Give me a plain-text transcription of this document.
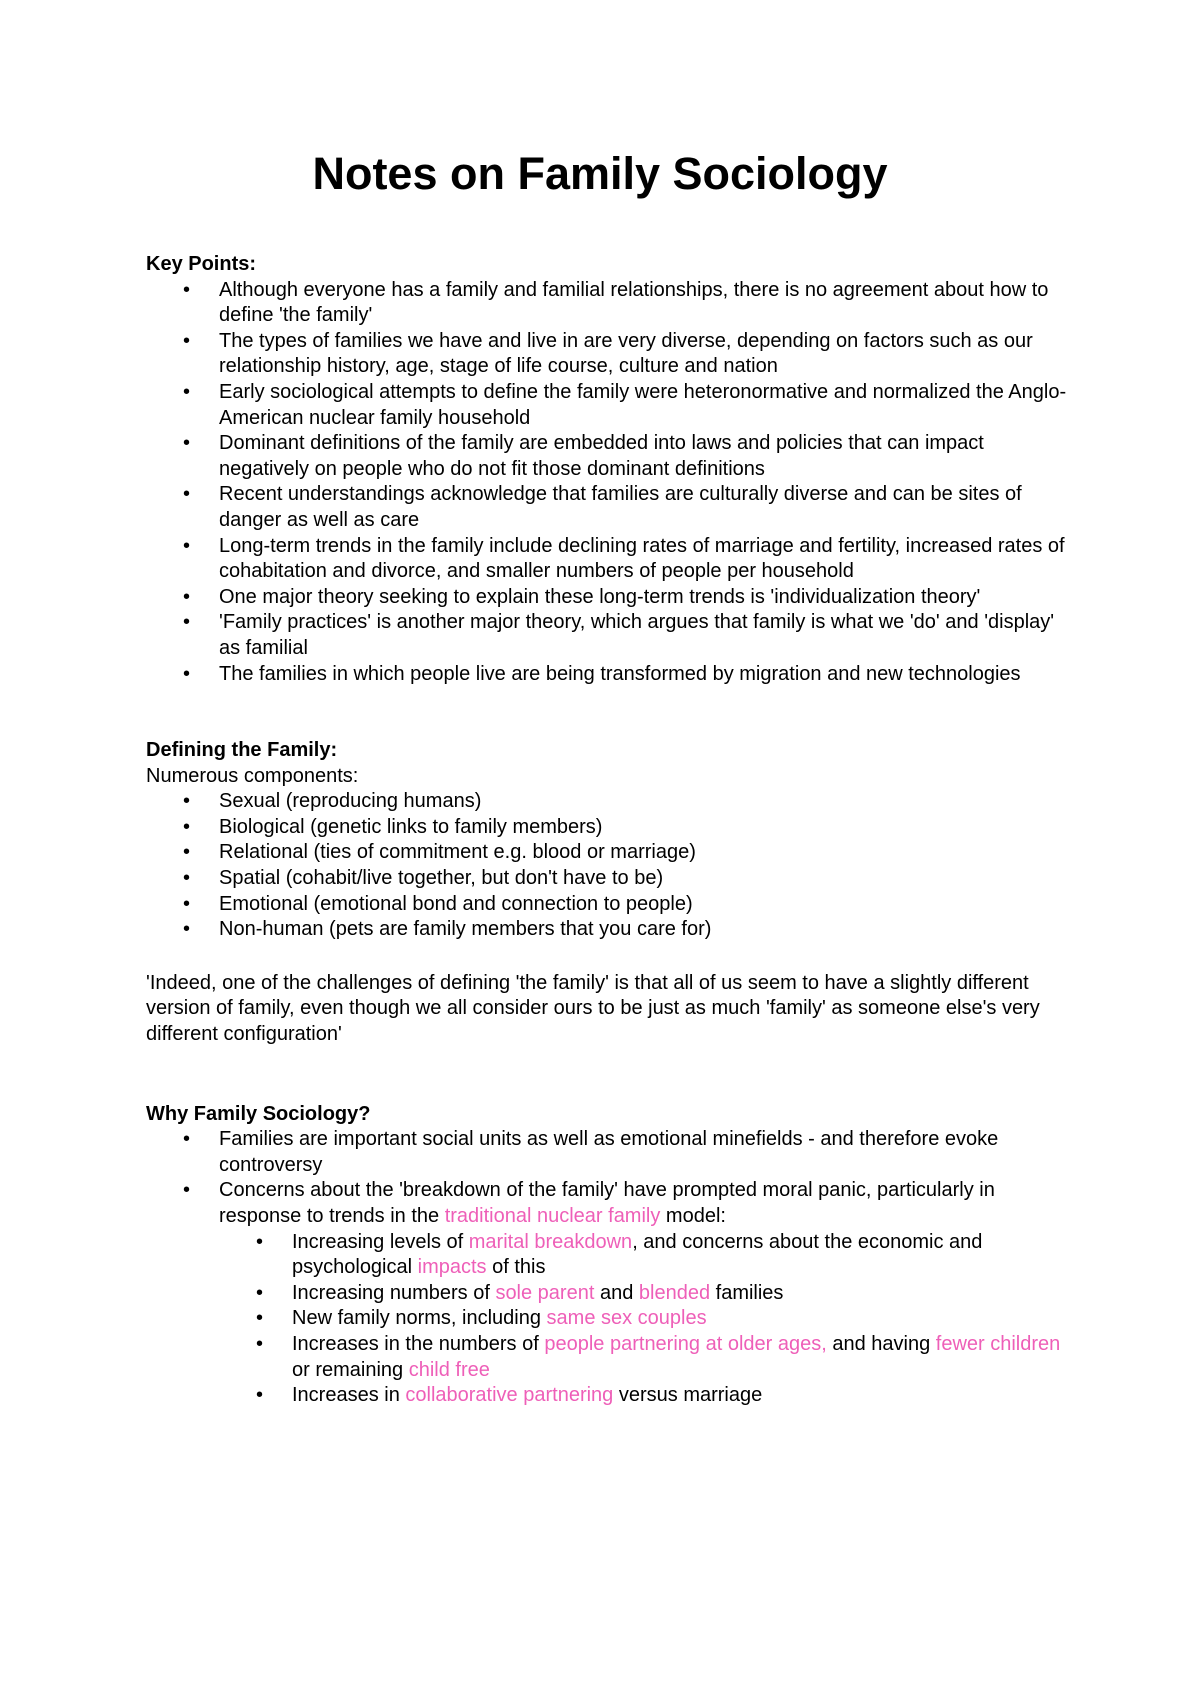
Notes on Family Sociology

Key Points:

• Although everyone has a family and familial relationships, there is no agreement about how to define 'the family'
• The types of families we have and live in are very diverse, depending on factors such as our relationship history, age, stage of life course, culture and nation
• Early sociological attempts to define the family were heteronormative and normalized the Anglo-American nuclear family household
• Dominant definitions of the family are embedded into laws and policies that can impact negatively on people who do not fit those dominant definitions
• Recent understandings acknowledge that families are culturally diverse and can be sites of danger as well as care
• Long-term trends in the family include declining rates of marriage and fertility, increased rates of cohabitation and divorce, and smaller numbers of people per household
• One major theory seeking to explain these long-term trends is 'individualization theory'
• 'Family practices' is another major theory, which argues that family is what we 'do' and 'display' as familial
• The families in which people live are being transformed by migration and new technologies

Defining the Family:

Numerous components:

• Sexual (reproducing humans)
• Biological (genetic links to family members)
• Relational (ties of commitment e.g. blood or marriage)
• Spatial (cohabit/live together, but don't have to be)
• Emotional (emotional bond and connection to people)
• Non-human (pets are family members that you care for)

'Indeed, one of the challenges of defining 'the family' is that all of us seem to have a slightly different version of family, even though we all consider ours to be just as much 'family' as someone else's very different configuration'

Why Family Sociology?

• Families are important social units as well as emotional minefields - and therefore evoke controversy
• Concerns about the 'breakdown of the family' have prompted moral panic, particularly in response to trends in the traditional nuclear family model:
• Increasing levels of marital breakdown, and concerns about the economic and psychological impacts of this
• Increasing numbers of sole parent and blended families
• New family norms, including same sex couples
• Increases in the numbers of people partnering at older ages, and having fewer children or remaining child free
• Increases in collaborative partnering versus marriage
